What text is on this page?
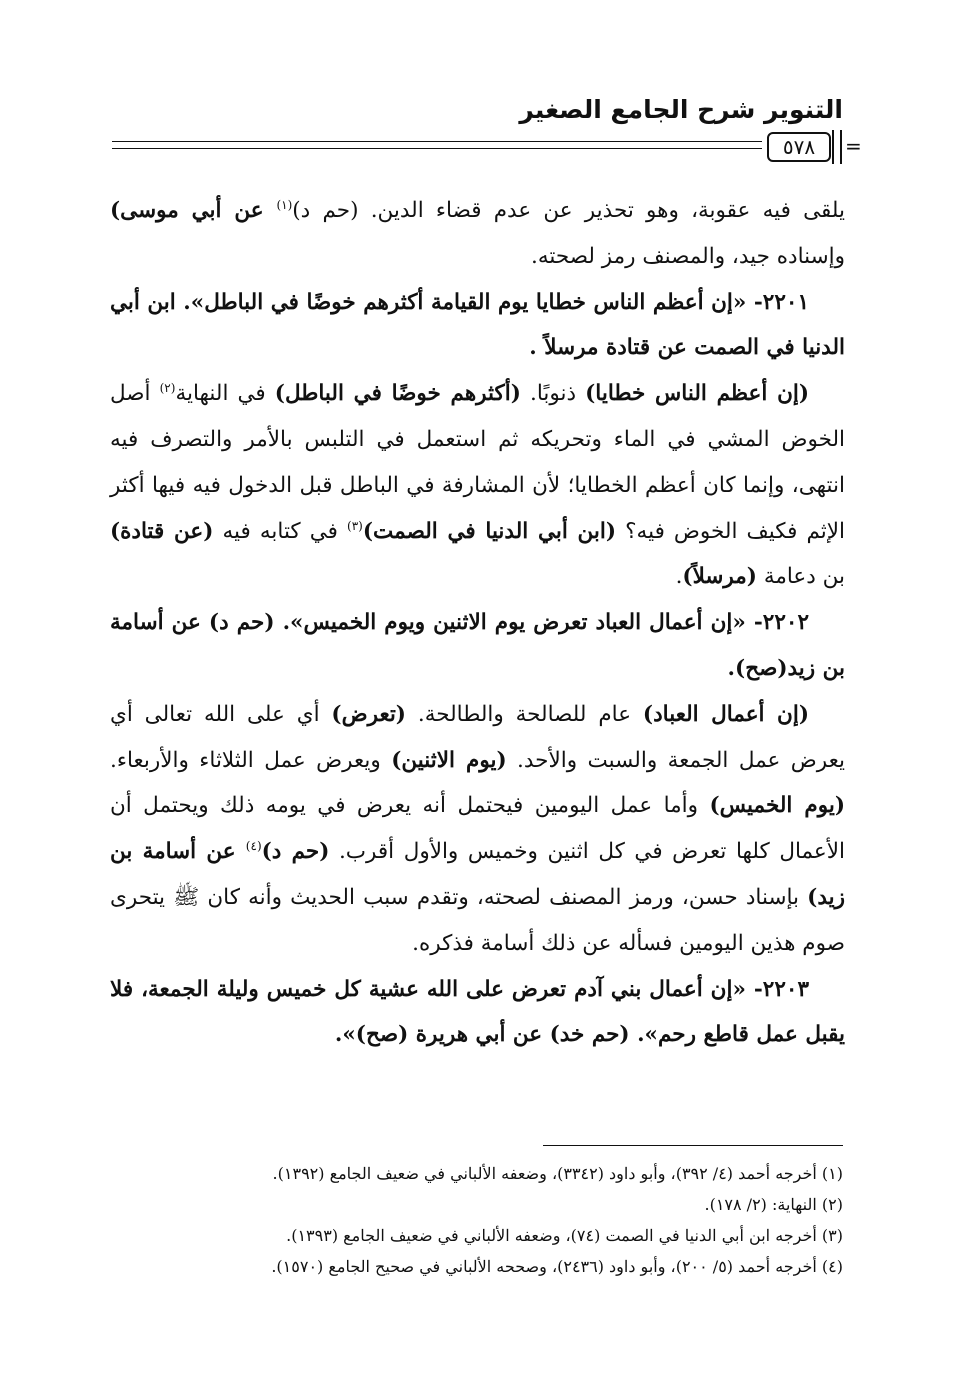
التنوير شرح الجامع الصغير
٥٧٨	=

يلقى فيه عقوبة، وهو تحذير عن عدم قضاء الدين. (حم د)$^{(١)}$ عن أبي موسى) وإسناده جيد، والمصنف رمز لصحته.

٢٢٠١- «إن أعظم الناس خطايا يوم القيامة أكثرهم خوضًا في الباطل». ابن أبي الدنيا في الصمت عن قتادة مرسلاً .

(إن أعظم الناس خطايا) ذنوبًا. (أكثرهم خوضًا في الباطل) في النهاية$^{(٢)}$ أصل الخوض المشي في الماء وتحريكه ثم استعمل في التلبس بالأمر والتصرف فيه انتهى، وإنما كان أعظم الخطايا؛ لأن المشارفة في الباطل قبل الدخول فيه فيها أكثر الإثم فكيف الخوض فيه؟ (ابن أبي الدنيا في الصمت)$^{(٣)}$ في كتابه فيه (عن قتادة) بن دعامة (مرسلاً).

٢٢٠٢- «إن أعمال العباد تعرض يوم الاثنين ويوم الخميس». (حم د) عن أسامة بن زيد(صح).

(إن أعمال العباد) عام للصالحة والطالحة. (تعرض) أي على الله تعالى أي يعرض عمل الجمعة والسبت والأحد. (يوم الاثنين) ويعرض عمل الثلاثاء والأربعاء. (يوم الخميس) وأما عمل اليومين فيحتمل أنه يعرض في يومه ذلك ويحتمل أن الأعمال كلها تعرض في كل اثنين وخميس والأول أقرب. (حم د)$^{(٤)}$ عن أسامة بن زيد) بإسناد حسن، ورمز المصنف لصحته، وتقدم سبب الحديث وأنه كان ﷺ يتحرى صوم هذين اليومين فسأله عن ذلك أسامة فذكره.

٢٢٠٣- «إن أعمال بني آدم تعرض على الله عشية كل خميس وليلة الجمعة، فلا يقبل عمل قاطع رحم». (حم خد) عن أبي هريرة (صح)».

(١) أخرجه أحمد (٤/ ٣٩٢)، وأبو داود (٣٣٤٢)، وضعفه الألباني في ضعيف الجامع (١٣٩٢).
(٢) النهاية: (٢/ ١٧٨).
(٣) أخرجه ابن أبي الدنيا في الصمت (٧٤)، وضعفه الألباني في ضعيف الجامع (١٣٩٣).
(٤) أخرجه أحمد (٥/ ٢٠٠)، وأبو داود (٢٤٣٦)، وصححه الألباني في صحيح الجامع (١٥٧٠).
